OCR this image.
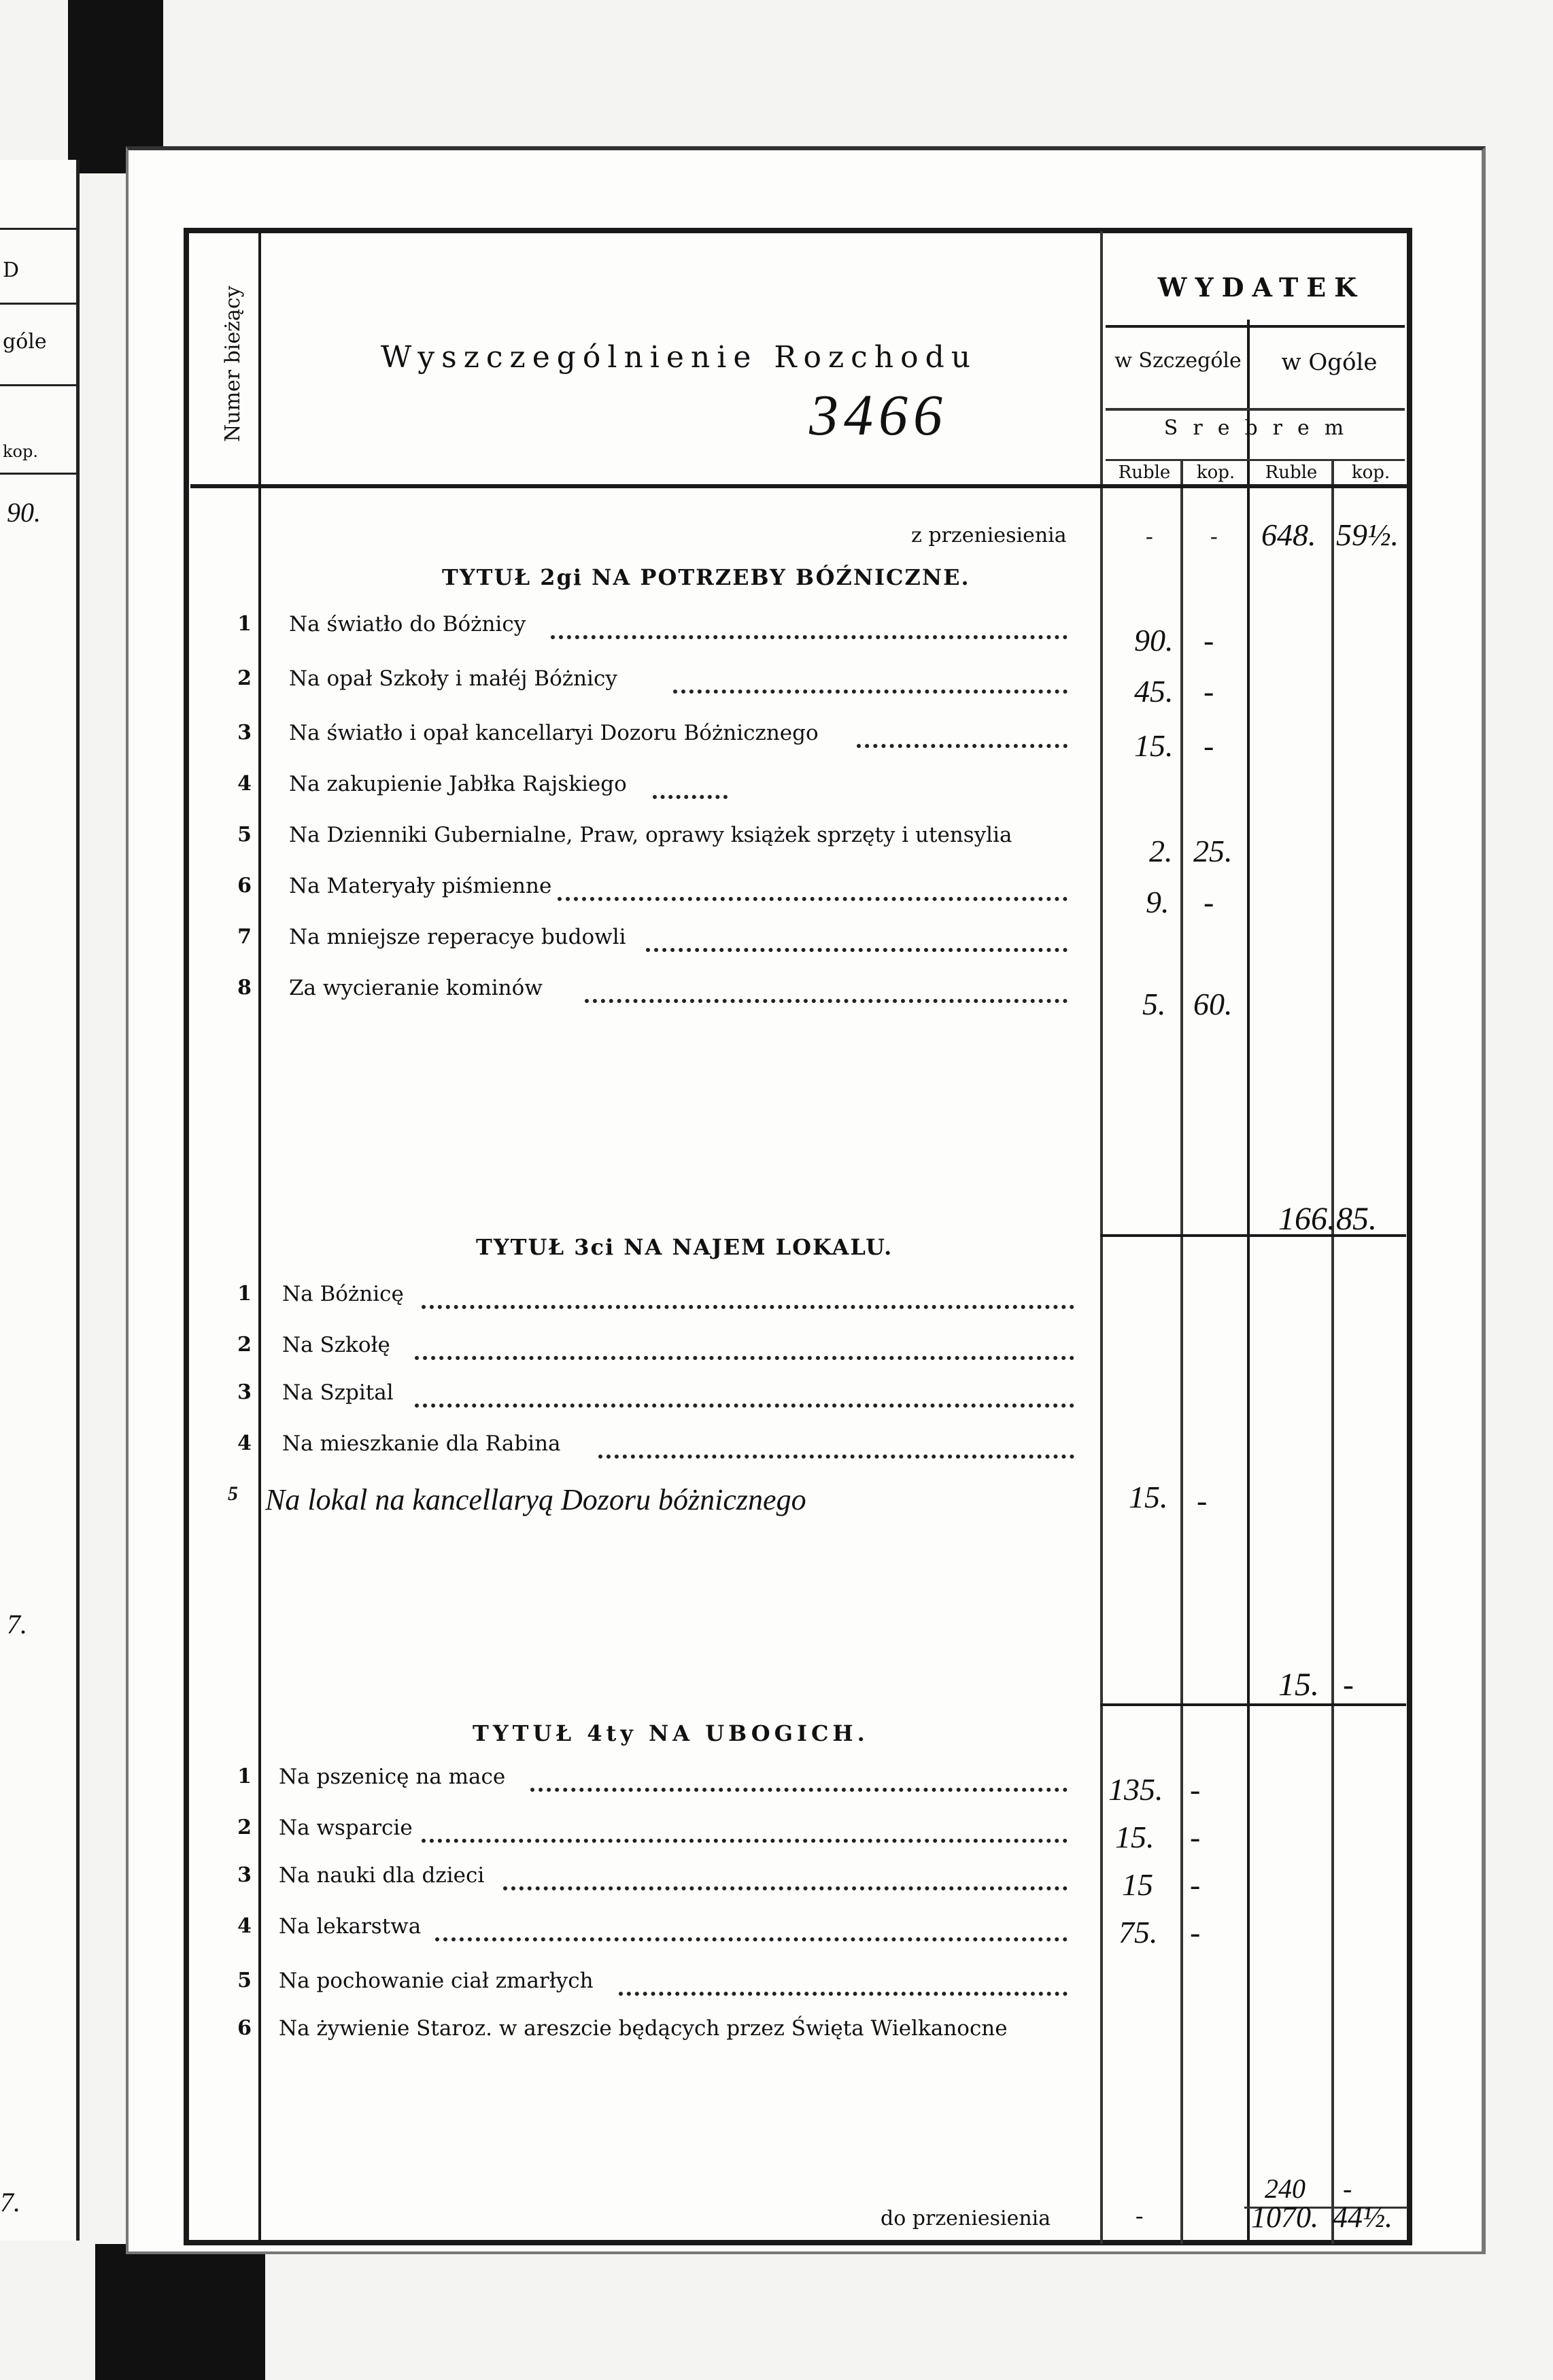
D
góle
kop.
90.
7.
7.
Numer bieżący	Wyszczególnienie Rozchodu
3466
WYDATEK
w Szczególe	w Ogóle
Srebrem
Ruble	kop.	Ruble	kop.
z przeniesienia	-	- 648. 59½.
TYTUŁ 2gi NA POTRZEBY BÓŹNICZNE.
1 Na światło do Bóżnicy	90. -
2 Na opał Szkoły i małéj Bóżnicy	45. -
3 Na światło i opał kancellaryi Dozoru Bóżnicznego	15. -
4 Na zakupienie Jabłka Rajskiego
5 Na Dzienniki Gubernialne, Praw, oprawy książek sprzęty i utensylia	2. 25.
6 Na Materyały piśmienne	9. -
7 Na mniejsze reperacye budowli
8 Za wycieranie kominów	5. 60.
166. 85.
TYTUŁ 3ci NA NAJEM LOKALU.
1 Na Bóżnicę
2 Na Szkołę
3 Na Szpital
4 Na mieszkanie dla Rabina
5 Na lokal na kancellaryą Dozoru bóżnicznego	15. -
15. -
TYTUŁ 4ty NA UBOGICH.
1 Na pszenicę na mace	135. -
2 Na wsparcie	15. -
3 Na nauki dla dzieci	15 -
4 Na lekarstwa	75. -
5 Na pochowanie ciał zmarłych
6 Na żywienie Staroz. w areszcie będących przez Święta Wielkanocne
240 -
do przeniesienia	-	1070. 44½.
